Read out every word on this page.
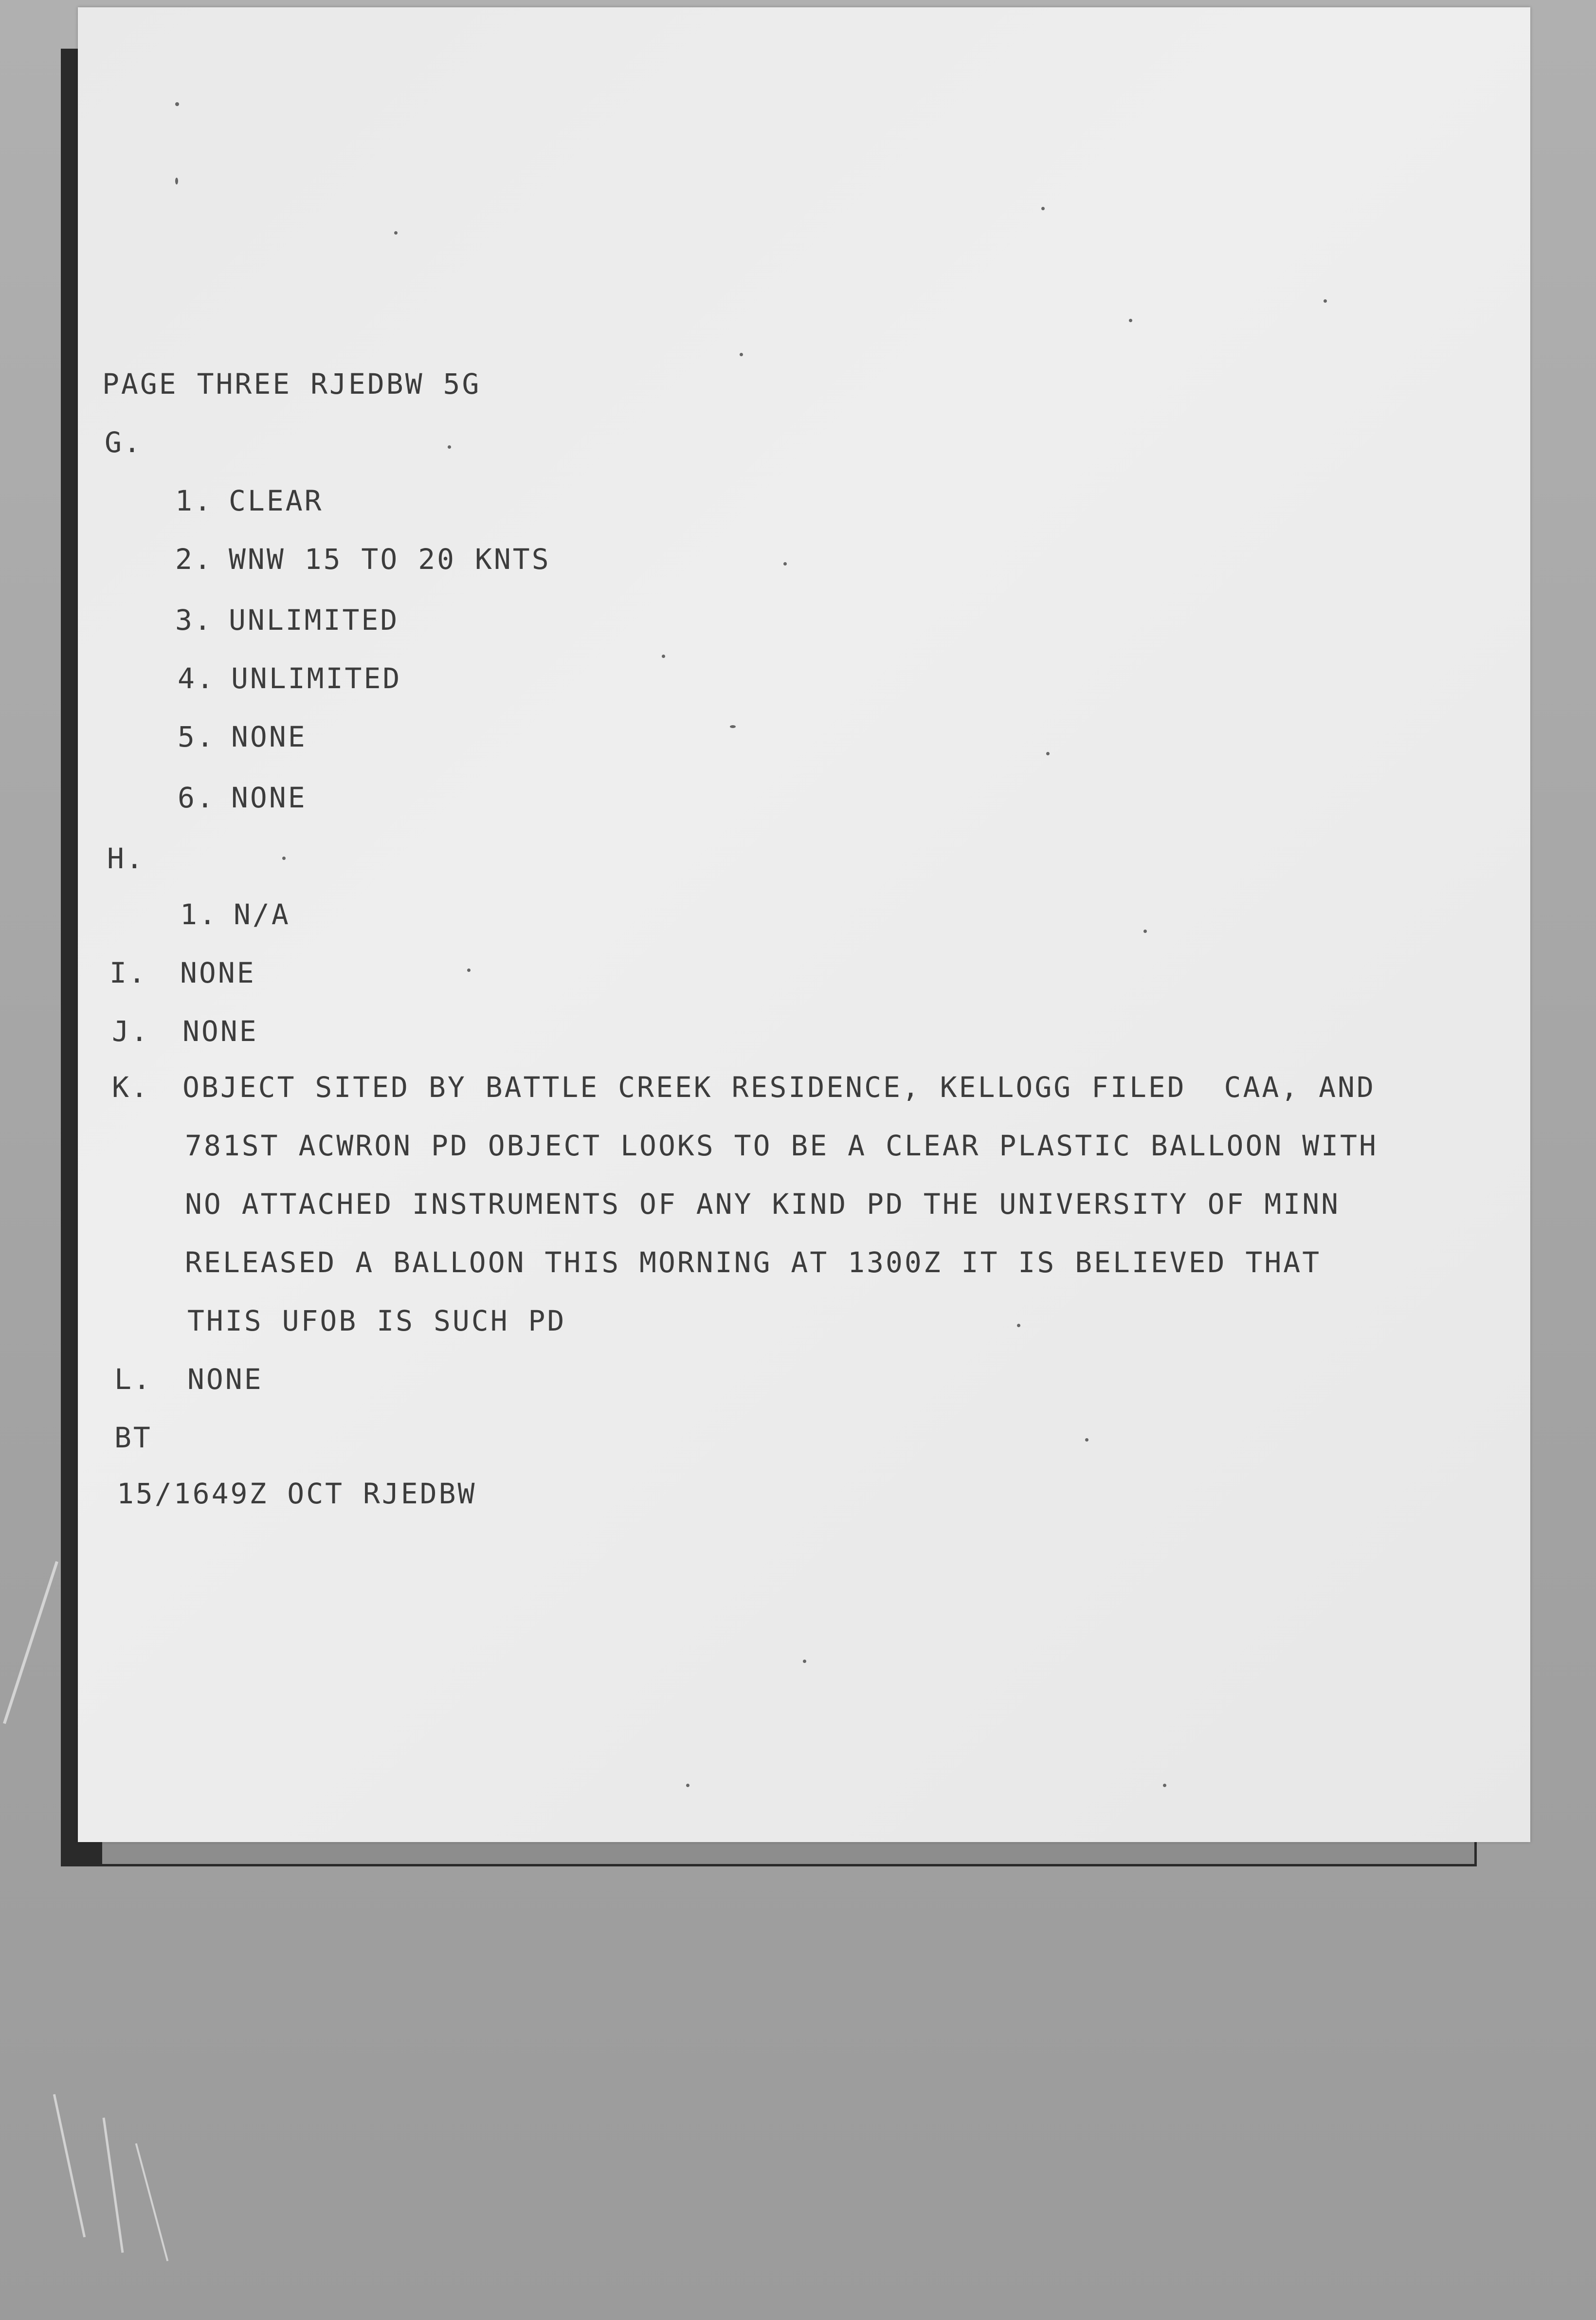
PAGE THREE RJEDBW 5G
G.

1.

CLEAR

2.

WNW 15 TO 20 KNTS

3.

UNLIMITED

4.

UNLIMITED

5.

NONE

6.

NONE

H.

1.

N/A

I.

NONE

J.

NONE

K.

OBJECT SITED BY BATTLE CREEK RESIDENCE, KELLOGG FILED  CAA, AND

781ST ACWRON PD OBJECT LOOKS TO BE A CLEAR PLASTIC BALLOON WITH
NO ATTACHED INSTRUMENTS OF ANY KIND PD THE UNIVERSITY OF MINN
RELEASED A BALLOON THIS MORNING AT 1300Z IT IS BELIEVED THAT
THIS UFOB IS SUCH PD

L.

NONE

BT
15/1649Z OCT RJEDBW
